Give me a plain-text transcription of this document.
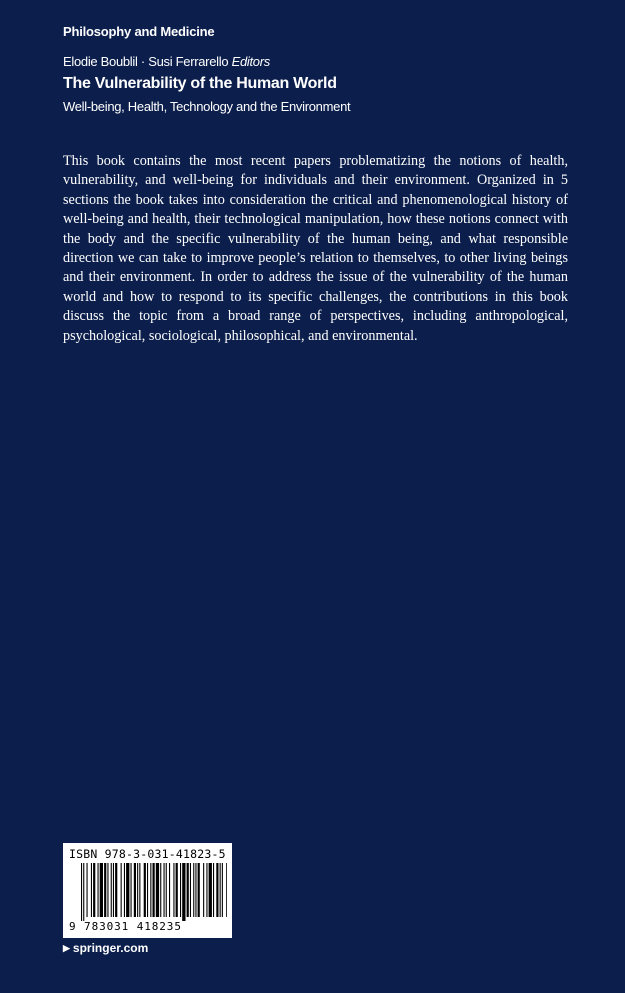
Philosophy and Medicine
Elodie Boublil · Susi Ferrarello Editors
The Vulnerability of the Human World
Well-being, Health, Technology and the Environment

This book contains the most recent papers problematizing the notions of health, vulnerability, and well-being for individuals and their environment. Organized in 5 sections the book takes into consideration the critical and phenomenological history of well-being and health, their technological manipulation, how these notions connect with the body and the specific vulnerability of the human being, and what responsible direction we can take to improve people’s relation to themselves, to other living beings and their environment. In order to address the issue of the vulnerability of the human world and how to respond to its specific challenges, the contributions in this book discuss the topic from a broad range of perspectives, including anthropological, psychological, sociological, philosophical, and environmental.

ISBN 978-3-031-41823-5
9 783031 418235
▶ springer.com
